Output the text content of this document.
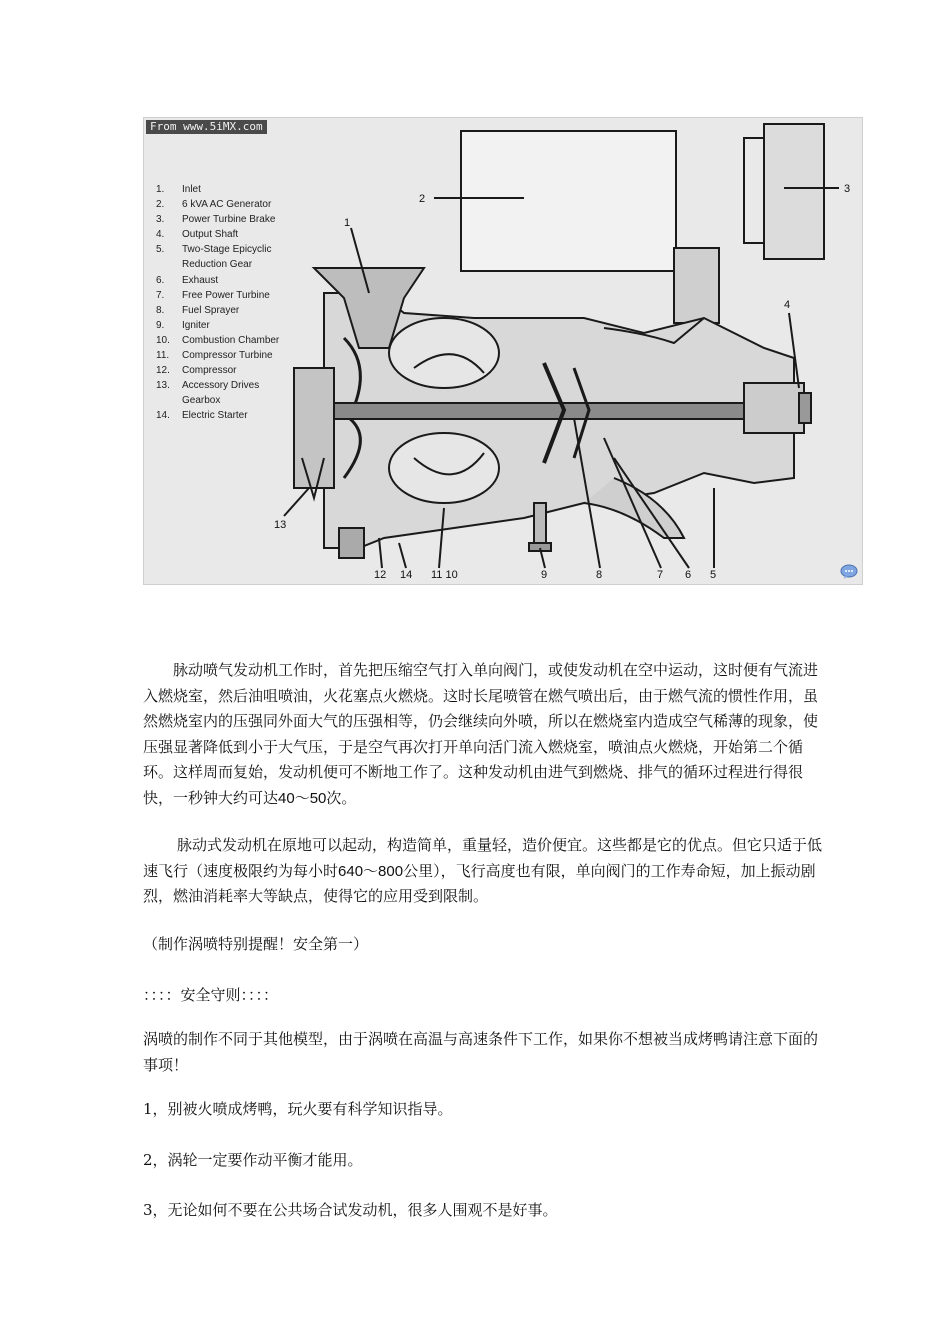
From www.5iMX.com
1
2
3
4
13
12 14 11 10	9	8	7 6 5
1.	Inlet
2.	6 kVA AC Generator
3.	Power Turbine Brake
4.	Output Shaft
5.	Two-Stage Epicyclic
Reduction Gear
6.	Exhaust
7.	Free Power Turbine
8.	Fuel Sprayer
9.	Igniter
10.	Combustion Chamber
11.	Compressor Turbine
12.	Compressor
13.	Accessory Drives
Gearbox
14.	Electric Starter
脉动喷气发动机工作时，首先把压缩空气打入单向阀门，或使发动机在空中运动，这时便有气流进入燃烧室，然后油咀喷油，火花塞点火燃烧。这时长尾喷管在燃气喷出后，由于燃气流的惯性作用，虽然燃烧室内的压强同外面大气的压强相等，仍会继续向外喷，所以在燃烧室内造成空气稀薄的现象，使压强显著降低到小于大气压，于是空气再次打开单向活门流入燃烧室，喷油点火燃烧，开始第二个循环。这样周而复始，发动机便可不断地工作了。这种发动机由进气到燃烧、排气的循环过程进行得很快，一秒钟大约可达40～50次。
脉动式发动机在原地可以起动，构造简单，重量轻，造价便宜。这些都是它的优点。但它只适于低速飞行（速度极限约为每小时640～800公里），飞行高度也有限，单向阀门的工作寿命短，加上振动剧烈，燃油消耗率大等缺点，使得它的应用受到限制。
（制作涡喷特别提醒！安全第一）
：：：：安全守则：：：：
涡喷的制作不同于其他模型，由于涡喷在高温与高速条件下工作，如果你不想被当成烤鸭请注意下面的事项！
1，别被火喷成烤鸭，玩火要有科学知识指导。
2，涡轮一定要作动平衡才能用。
3，无论如何不要在公共场合试发动机，很多人围观不是好事。
